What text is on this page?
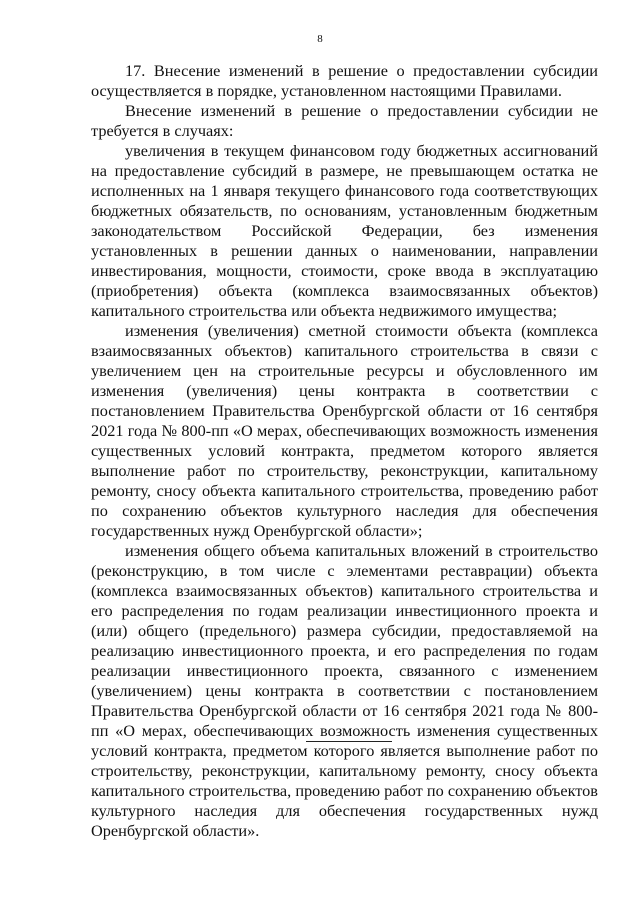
8

17. Внесение изменений в решение о предоставлении субсидии осуществляется в порядке, установленном настоящими Правилами.

Внесение изменений в решение о предоставлении субсидии не требуется в случаях:

увеличения в текущем финансовом году бюджетных ассигнований на предоставление субсидий в размере, не превышающем остатка не исполненных на 1 января текущего финансового года соответствующих бюджетных обязательств, по основаниям, установленным бюджетным законодательством Российской Федерации, без изменения установленных в решении данных о наименовании, направлении инвестирования, мощности, стоимости, сроке ввода в эксплуатацию (приобретения) объекта (комплекса взаимосвязанных объектов) капитального строительства или объекта недвижимого имущества;

изменения (увеличения) сметной стоимости объекта (комплекса взаимосвязанных объектов) капитального строительства в связи с увеличением цен на строительные ресурсы и обусловленного им изменения (увеличения) цены контракта в соответствии с постановлением Правительства Оренбургской области от 16 сентября 2021 года № 800-пп «О мерах, обеспечивающих возможность изменения существенных условий контракта, предметом которого является выполнение работ по строительству, реконструкции, капитальному ремонту, сносу объекта капитального строительства, проведению работ по сохранению объектов культурного наследия для обеспечения государственных нужд Оренбургской области»;

изменения общего объема капитальных вложений в строительство (реконструкцию, в том числе с элементами реставрации) объекта (комплекса взаимосвязанных объектов) капитального строительства и его распределения по годам реализации инвестиционного проекта и (или) общего (предельного) размера субсидии, предоставляемой на реализацию инвестиционного проекта, и его распределения по годам реализации инвестиционного проекта, связанного с изменением (увеличением) цены контракта в соответствии с постановлением Правительства Оренбургской области от 16 сентября 2021 года № 800-пп «О мерах, обеспечивающих возможность изменения существенных условий контракта, предметом которого является выполнение работ по строительству, реконструкции, капитальному ремонту, сносу объекта капитального строительства, проведению работ по сохранению объектов культурного наследия для обеспечения государственных нужд Оренбургской области».
